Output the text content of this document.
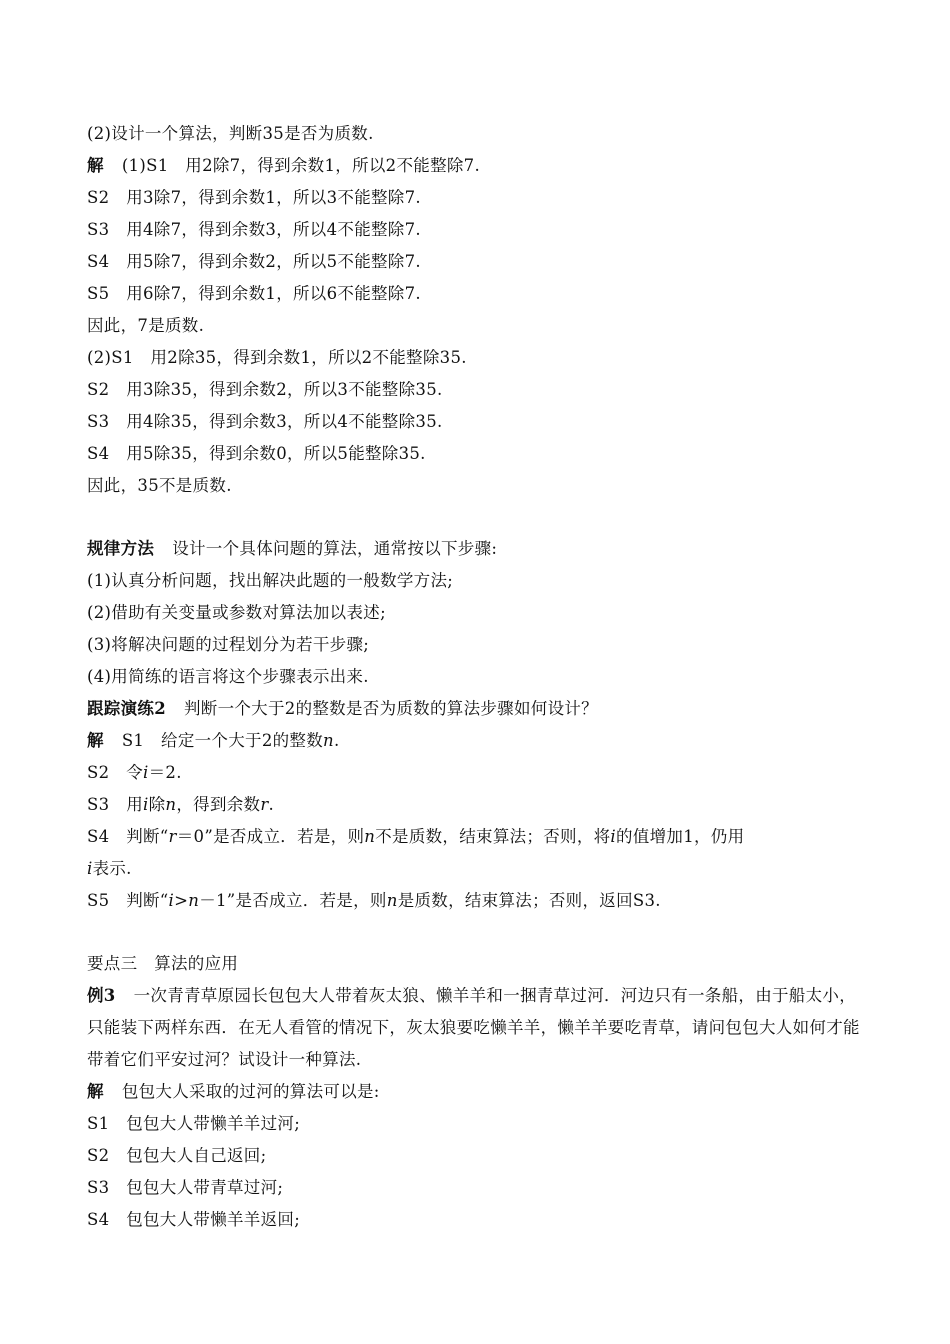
(2)设计一个算法，判断35是否为质数.
解 (1)S1　用2除7，得到余数1，所以2不能整除7.
S2　用3除7，得到余数1，所以3不能整除7.
S3　用4除7，得到余数3，所以4不能整除7.
S4　用5除7，得到余数2，所以5不能整除7.
S5　用6除7，得到余数1，所以6不能整除7.
因此，7是质数.
(2)S1　用2除35，得到余数1，所以2不能整除35.
S2　用3除35，得到余数2，所以3不能整除35.
S3　用4除35，得到余数3，所以4不能整除35.
S4　用5除35，得到余数0，所以5能整除35.
因此，35不是质数.
规律方法 设计一个具体问题的算法，通常按以下步骤:
(1)认真分析问题，找出解决此题的一般数学方法;
(2)借助有关变量或参数对算法加以表述;
(3)将解决问题的过程划分为若干步骤;
(4)用简练的语言将这个步骤表示出来.
跟踪演练2 判断一个大于2的整数是否为质数的算法步骤如何设计？
解 S1　给定一个大于2的整数n.
S2　令i＝2.
S3　用i除n，得到余数r.
S4　判断“r＝0”是否成立．若是，则n不是质数，结束算法；否则，将i的值增加1，仍用
i表示.
S5　判断“i>n－1”是否成立．若是，则n是质数，结束算法；否则，返回S3.
要点三　算法的应用
例3 一次青青草原园长包包大人带着灰太狼、懒羊羊和一捆青草过河．河边只有一条船，由于船太小，只能装下两样东西．在无人看管的情况下，灰太狼要吃懒羊羊，懒羊羊要吃青草，请问包包大人如何才能带着它们平安过河？试设计一种算法.
解 包包大人采取的过河的算法可以是:
S1　包包大人带懒羊羊过河;
S2　包包大人自己返回;
S3　包包大人带青草过河;
S4　包包大人带懒羊羊返回;
